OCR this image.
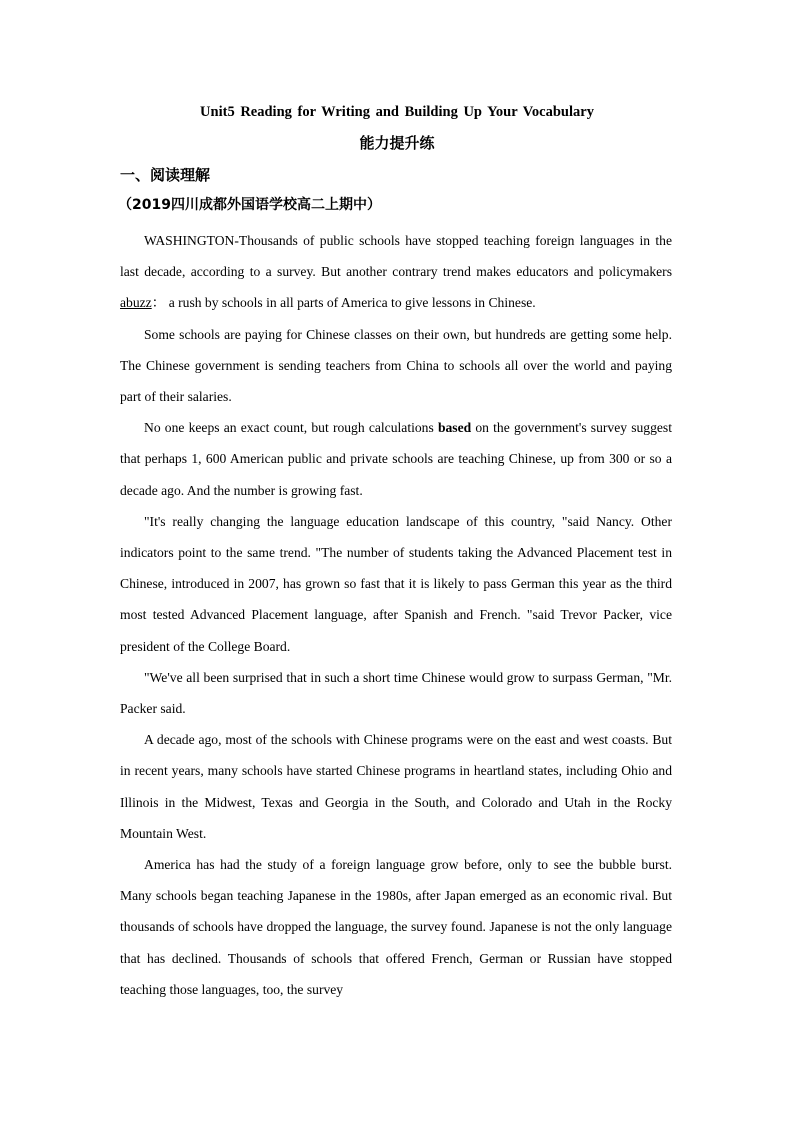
Unit5 Reading for Writing and Building Up Your Vocabulary
能力提升练
一、阅读理解
（2019四川成都外国语学校高二上期中）

WASHINGTON-Thousands of public schools have stopped teaching foreign languages in the last decade, according to a survey. But another contrary trend makes educators and policymakers abuzz： a rush by schools in all parts of America to give lessons in Chinese.

Some schools are paying for Chinese classes on their own, but hundreds are getting some help. The Chinese government is sending teachers from China to schools all over the world and paying part of their salaries.

No one keeps an exact count, but rough calculations based on the government's survey suggest that perhaps 1, 600 American public and private schools are teaching Chinese, up from 300 or so a decade ago. And the number is growing fast.

"It's really changing the language education landscape of this country, "said Nancy. Other indicators point to the same trend. "The number of students taking the Advanced Placement test in Chinese, introduced in 2007, has grown so fast that it is likely to pass German this year as the third most tested Advanced Placement language, after Spanish and French. "said Trevor Packer, vice president of the College Board.

"We've all been surprised that in such a short time Chinese would grow to surpass German, "Mr. Packer said.

A decade ago, most of the schools with Chinese programs were on the east and west coasts. But in recent years, many schools have started Chinese programs in heartland states, including Ohio and Illinois in the Midwest, Texas and Georgia in the South, and Colorado and Utah in the Rocky Mountain West.

America has had the study of a foreign language grow before, only to see the bubble burst. Many schools began teaching Japanese in the 1980s, after Japan emerged as an economic rival. But thousands of schools have dropped the language, the survey found. Japanese is not the only language that has declined. Thousands of schools that offered French, German or Russian have stopped teaching those languages, too, the survey
